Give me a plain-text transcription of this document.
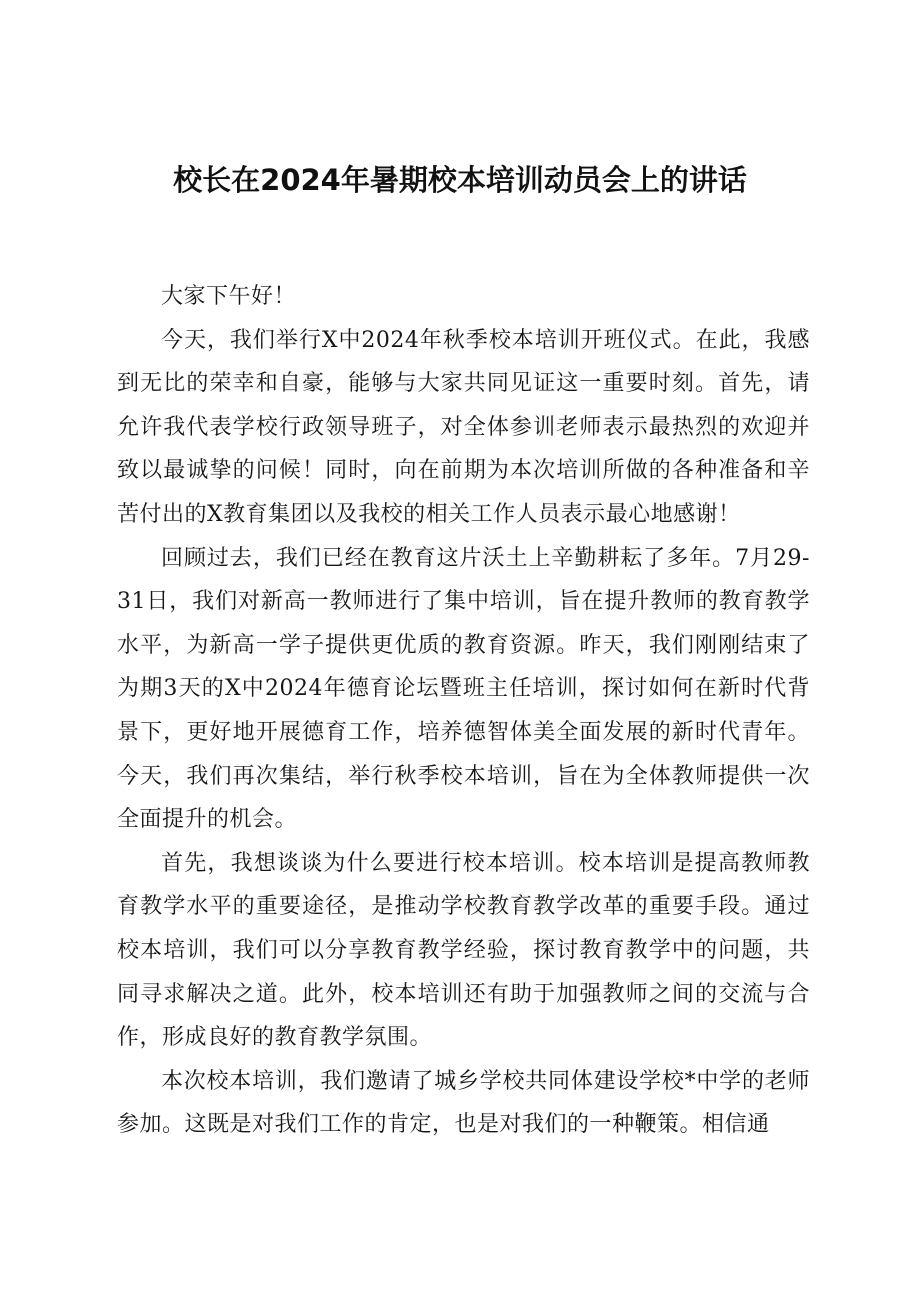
校长在2024年暑期校本培训动员会上的讲话

大家下午好！

今天，我们举行X中2024年秋季校本培训开班仪式。在此，我感到无比的荣幸和自豪，能够与大家共同见证这一重要时刻。首先，请允许我代表学校行政领导班子，对全体参训老师表示最热烈的欢迎并致以最诚挚的问候！同时，向在前期为本次培训所做的各种准备和辛苦付出的X教育集团以及我校的相关工作人员表示最心地感谢！

回顾过去，我们已经在教育这片沃土上辛勤耕耘了多年。7月29-31日，我们对新高一教师进行了集中培训，旨在提升教师的教育教学水平，为新高一学子提供更优质的教育资源。昨天，我们刚刚结束了为期3天的X中2024年德育论坛暨班主任培训，探讨如何在新时代背景下，更好地开展德育工作，培养德智体美全面发展的新时代青年。今天，我们再次集结，举行秋季校本培训，旨在为全体教师提供一次全面提升的机会。

首先，我想谈谈为什么要进行校本培训。校本培训是提高教师教育教学水平的重要途径，是推动学校教育教学改革的重要手段。通过校本培训，我们可以分享教育教学经验，探讨教育教学中的问题，共同寻求解决之道。此外，校本培训还有助于加强教师之间的交流与合作，形成良好的教育教学氛围。

本次校本培训，我们邀请了城乡学校共同体建设学校*中学的老师参加。这既是对我们工作的肯定，也是对我们的一种鞭策。相信通
